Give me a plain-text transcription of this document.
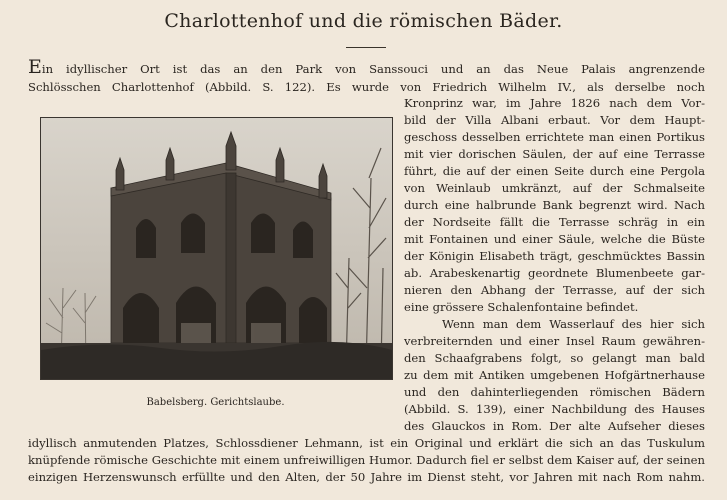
Charlottenhof und die römischen Bäder.
Ein idyllischer Ort ist das an den Park von Sanssouci und an das Neue Palais angrenzende
Schlösschen Charlottenhof (Abbild. S. 122). Es wurde von Friedrich Wilhelm IV., als derselbe noch
Babelsberg. Gerichtslaube.
Kronprinz war, im Jahre 1826 nach dem Vor-
bild der Villa Albani erbaut. Vor dem Haupt-
geschoss desselben errichtete man einen Portikus
mit vier dorischen Säulen, der auf eine Terrasse
führt, die auf der einen Seite durch eine Pergola
von Weinlaub umkränzt, auf der Schmalseite
durch eine halbrunde Bank begrenzt wird. Nach
der Nordseite fällt die Terrasse schräg in ein
mit Fontainen und einer Säule, welche die Büste
der Königin Elisabeth trägt, geschmücktes Bassin
ab. Arabeskenartig geordnete Blumenbeete gar-
nieren den Abhang der Terrasse, auf der sich
eine grössere Schalenfontaine befindet.
Wenn man dem Wasserlauf des hier sich
verbreiternden und einer Insel Raum gewähren-
den Schaafgrabens folgt, so gelangt man bald
zu dem mit Antiken umgebenen Hofgärtnerhause
und den dahinterliegenden römischen Bädern
(Abbild. S. 139), einer Nachbildung des Hauses
des Glauckos in Rom. Der alte Aufseher dieses
idyllisch anmutenden Platzes, Schlossdiener Lehmann, ist ein Original und erklärt die sich an das Tuskulum
knüpfende römische Geschichte mit einem unfreiwilligen Humor. Dadurch fiel er selbst dem Kaiser auf, der seinen
einzigen Herzenswunsch erfüllte und den Alten, der 50 Jahre im Dienst steht, vor Jahren mit nach Rom nahm.
